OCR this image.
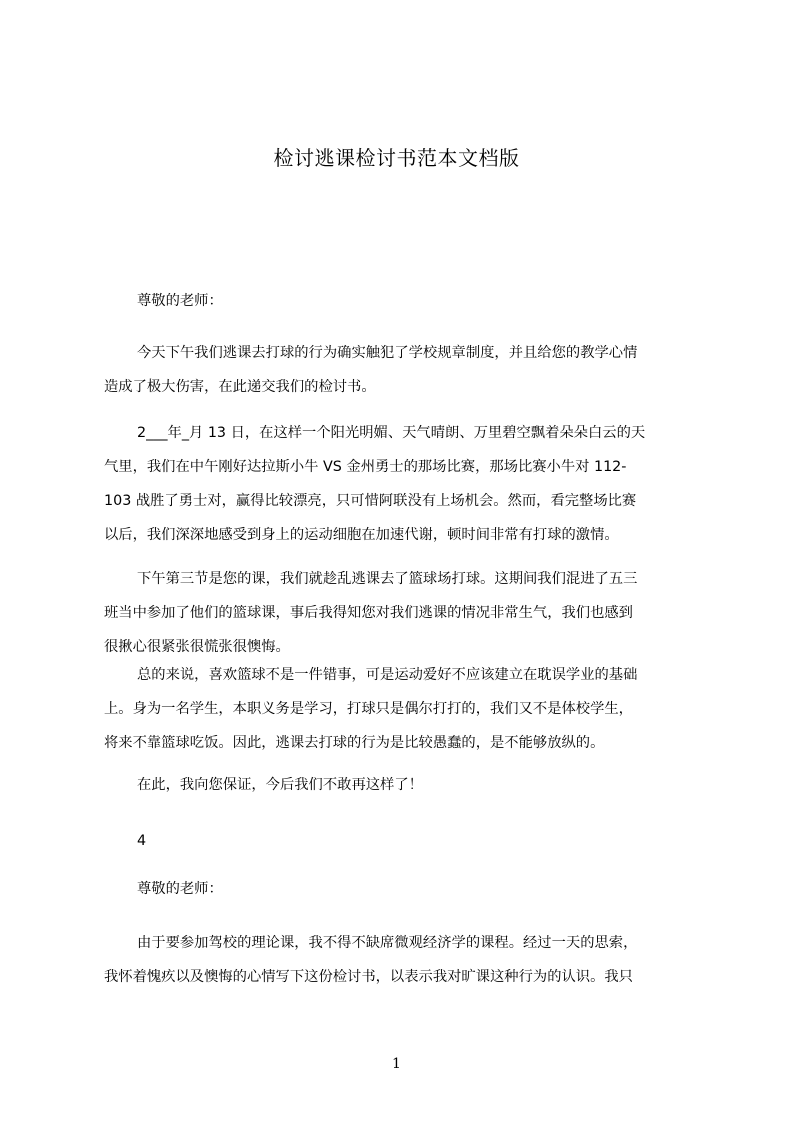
检讨逃课检讨书范本文档版

尊敬的老师：

今天下午我们逃课去打球的行为确实触犯了学校规章制度，并且给您的教学心情
造成了极大伤害，在此递交我们的检讨书。

2___年_月 13 日，在这样一个阳光明媚、天气晴朗、万里碧空飘着朵朵白云的天
气里，我们在中午刚好达拉斯小牛 VS 金州勇士的那场比赛，那场比赛小牛对 112-
103 战胜了勇士对，赢得比较漂亮，只可惜阿联没有上场机会。然而，看完整场比赛
以后，我们深深地感受到身上的运动细胞在加速代谢，顿时间非常有打球的激情。

下午第三节是您的课，我们就趁乱逃课去了篮球场打球。这期间我们混进了五三
班当中参加了他们的篮球课，事后我得知您对我们逃课的情况非常生气，我们也感到
很揪心很紧张很慌张很懊悔。

总的来说，喜欢篮球不是一件错事，可是运动爱好不应该建立在耽误学业的基础
上。身为一名学生，本职义务是学习，打球只是偶尔打打的，我们又不是体校学生，
将来不靠篮球吃饭。因此，逃课去打球的行为是比较愚蠢的，是不能够放纵的。

在此，我向您保证，今后我们不敢再这样了！

4

尊敬的老师：

由于要参加驾校的理论课，我不得不缺席微观经济学的课程。经过一天的思索，
我怀着愧疚以及懊悔的心情写下这份检讨书，以表示我对旷课这种行为的认识。我只

1
